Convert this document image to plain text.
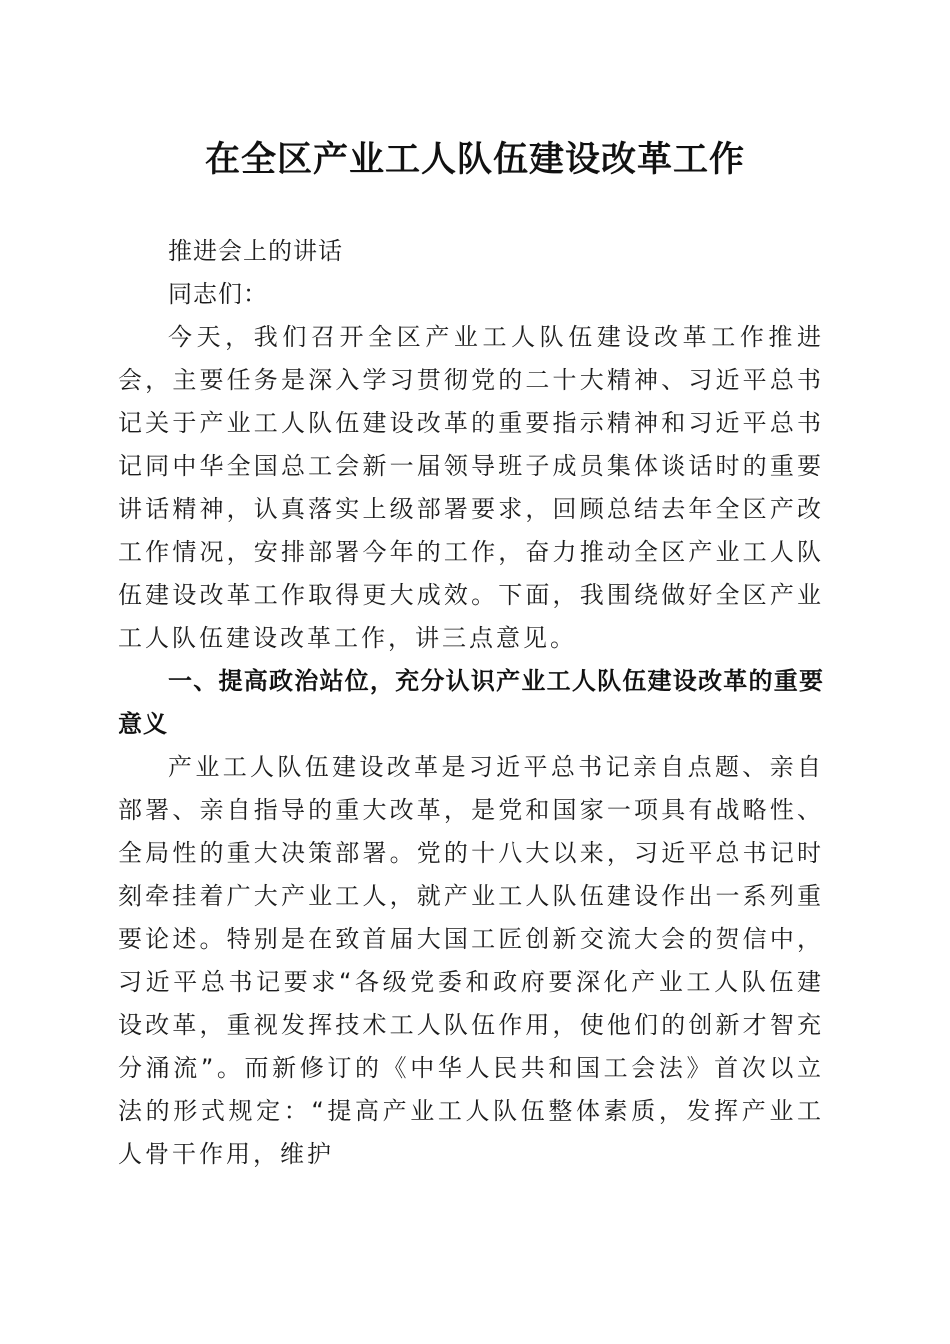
在全区产业工人队伍建设改革工作

推进会上的讲话

同志们：

今天，我们召开全区产业工人队伍建设改革工作推进会，主要任务是深入学习贯彻党的二十大精神、习近平总书记关于产业工人队伍建设改革的重要指示精神和习近平总书记同中华全国总工会新一届领导班子成员集体谈话时的重要讲话精神，认真落实上级部署要求，回顾总结去年全区产改工作情况，安排部署今年的工作，奋力推动全区产业工人队伍建设改革工作取得更大成效。下面，我围绕做好全区产业工人队伍建设改革工作，讲三点意见。

一、提高政治站位，充分认识产业工人队伍建设改革的重要意义

产业工人队伍建设改革是习近平总书记亲自点题、亲自部署、亲自指导的重大改革，是党和国家一项具有战略性、全局性的重大决策部署。党的十八大以来，习近平总书记时刻牵挂着广大产业工人，就产业工人队伍建设作出一系列重要论述。特别是在致首届大国工匠创新交流大会的贺信中，习近平总书记要求“各级党委和政府要深化产业工人队伍建设改革，重视发挥技术工人队伍作用，使他们的创新才智充分涌流”。而新修订的《中华人民共和国工会法》首次以立法的形式规定：“提高产业工人队伍整体素质，发挥产业工人骨干作用，维护
